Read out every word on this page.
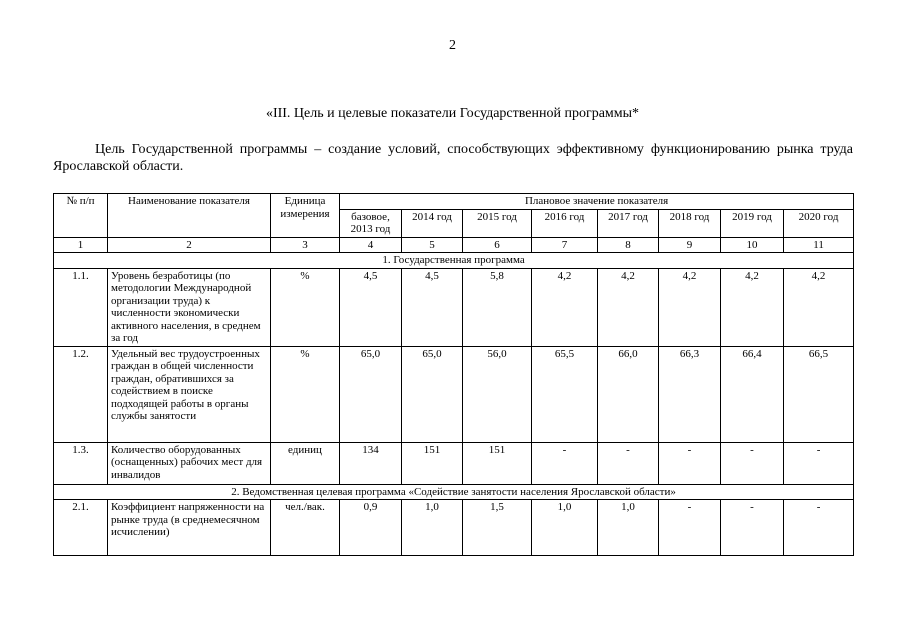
2
«III. Цель и целевые показатели Государственной программы*

Цель Государственной программы – создание условий, способствующих эффективному функционированию рынка труда Ярославской области.

№ п/п	Наименование показателя	Единица измерения	Плановое значение показателя							
			базовое, 2013 год	2014 год	2015 год	2016 год	2017 год	2018 год	2019 год	2020 год
1	2	3	4	5	6	7	8	9	10	11
1. Государственная программа										
1.1.	Уровень безработицы (по методологии Международной организации труда) к численности экономически активного населения, в среднем за год	%	4,5	4,5	5,8	4,2	4,2	4,2	4,2	4,2
1.2.	Удельный вес трудоустроенных граждан в общей численности граждан, обратившихся за содействием в поиске подходящей работы в органы службы занятости	%	65,0	65,0	56,0	65,5	66,0	66,3	66,4	66,5
1.3.	Количество оборудованных (оснащенных) рабочих мест для инвалидов	единиц	134	151	151	-	-	-	-	-
2. Ведомственная целевая программа «Содействие занятости населения Ярославской области»										
2.1.	Коэффициент напряженности на рынке труда (в среднемесячном исчислении)	чел./вак.	0,9	1,0	1,5	1,0	1,0	-	-	-
